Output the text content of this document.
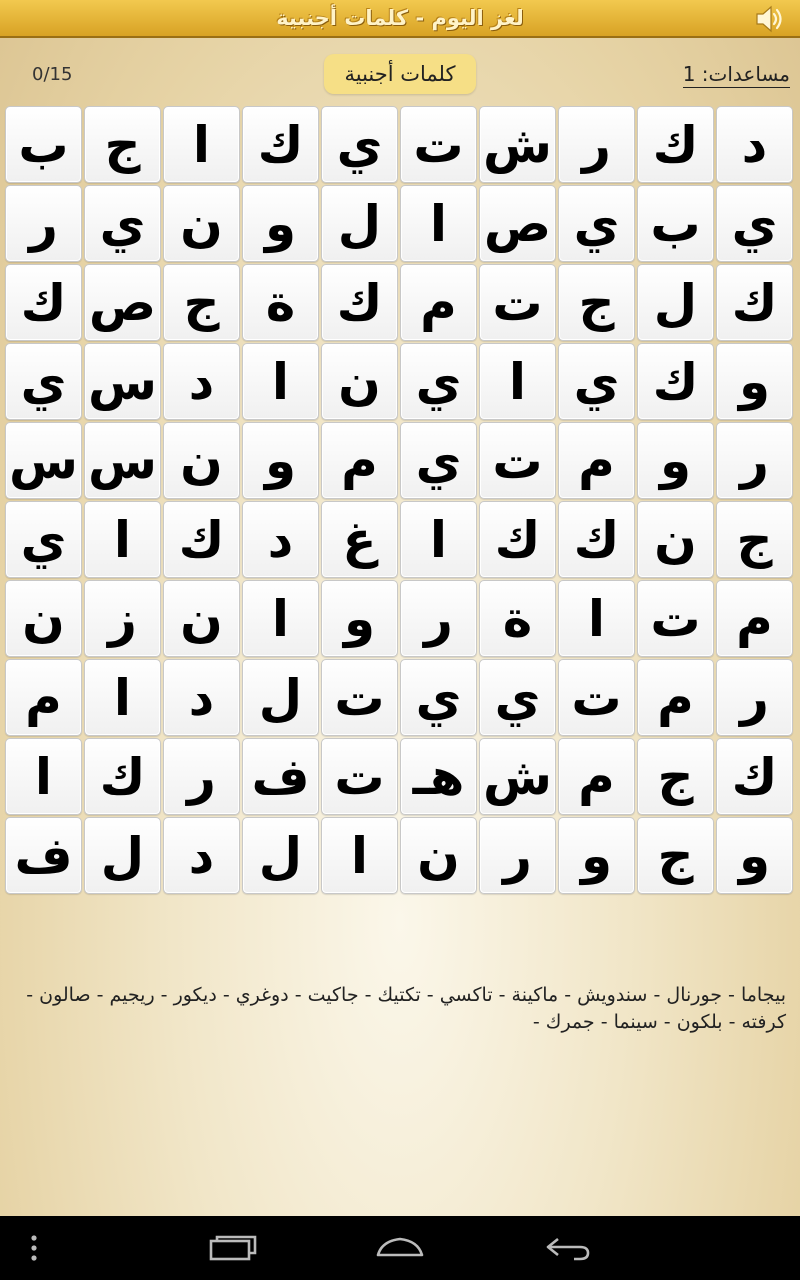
لغز اليوم - كلمات أجنبية
0/15	كلمات أجنبية	مساعدات: 1
ب ج	ا ك ي ت ش ر ك د
ر ي ن و ل ا ص ي ب ي
ك ص ج ة ك م ت ج ل ك
ي س د	ا ن ي ا ي ك و
س س ن و م ي ت م و ر
ي ا ك د غ	ا ك ك ن ج
ن ز ن ا	و ر ة	ا ت م
م	ا	د ل ت ي ي ت م ر
ا ك ر ف ت هـ ش م ج ك
ف ل د ل ا ن ر و ج و
بيجاما - جورنال - سندويش - ماكينة - تاكسي - تكتيك - جاكيت - دوغري - ديكور - ريجيم - صالون - كرفته - بلكون - سينما - جمرك -
